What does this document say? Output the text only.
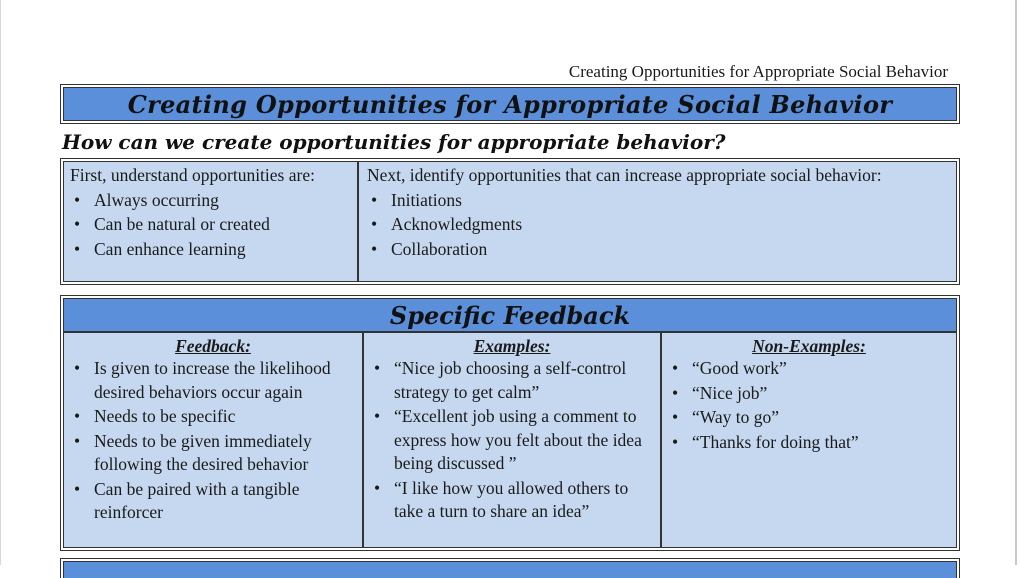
Creating Opportunities for Appropriate Social Behavior
Creating Opportunities for Appropriate Social Behavior
How can we create opportunities for appropriate behavior?
First, understand opportunities are:
• Always occurring
• Can be natural or created
• Can enhance learning
Next, identify opportunities that can increase appropriate social behavior:
• Initiations
• Acknowledgments
• Collaboration
Specific Feedback
Feedback:
• Is given to increase the likelihood desired behaviors occur again
• Needs to be specific
• Needs to be given immediately following the desired behavior
• Can be paired with a tangible reinforcer
Examples:
• “Nice job choosing a self-control strategy to get calm”
• “Excellent job using a comment to express how you felt about the idea being discussed ”
• “I like how you allowed others to take a turn to share an idea”
Non-Examples:
• “Good work”
• “Nice job”
• “Way to go”
• “Thanks for doing that”
